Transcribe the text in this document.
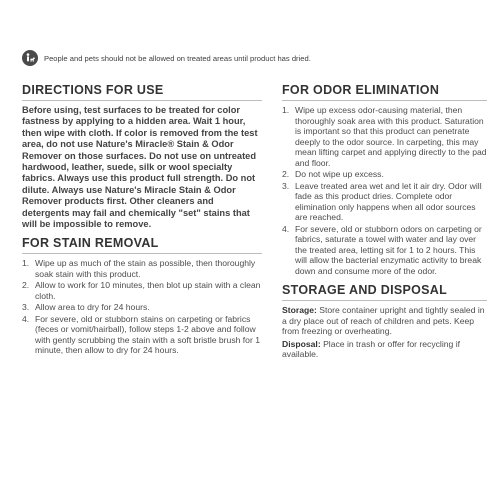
People and pets should not be allowed on treated areas until product has dried.
DIRECTIONS FOR USE

Before using, test surfaces to be treated for color fastness by applying to a hidden area. Wait 1 hour, then wipe with cloth. If color is removed from the test area, do not use Nature's Miracle® Stain & Odor Remover on those surfaces. Do not use on untreated hardwood, leather, suede, silk or wool specialty fabrics. Always use this product full strength. Do not dilute. Always use Nature's Miracle Stain & Odor Remover products first. Other cleaners and detergents may fail and chemically "set" stains that will be impossible to remove.

FOR STAIN REMOVAL
1. Wipe up as much of the stain as possible, then thoroughly soak stain with this product.
2. Allow to work for 10 minutes, then blot up stain with a clean cloth.
3. Allow area to dry for 24 hours.
4. For severe, old or stubborn stains on carpeting or fabrics (feces or vomit/hairball), follow steps 1-2 above and follow with gently scrubbing the stain with a soft bristle brush for 1 minute, then allow to dry for 24 hours.
FOR ODOR ELIMINATION
1. Wipe up excess odor-causing material, then thoroughly soak area with this product. Saturation is important so that this product can penetrate deeply to the odor source. In carpeting, this may mean lifting carpet and applying directly to the pad and floor.
2. Do not wipe up excess.
3. Leave treated area wet and let it air dry. Odor will fade as this product dries. Complete odor elimination only happens when all odor sources are reached.
4. For severe, old or stubborn odors on carpeting or fabrics, saturate a towel with water and lay over the treated area, letting sit for 1 to 2 hours. This will allow the bacterial enzymatic activity to break down and consume more of the odor.
STORAGE AND DISPOSAL

Storage: Store container upright and tightly sealed in a dry place out of reach of children and pets. Keep from freezing or overheating.

Disposal: Place in trash or offer for recycling if available.
